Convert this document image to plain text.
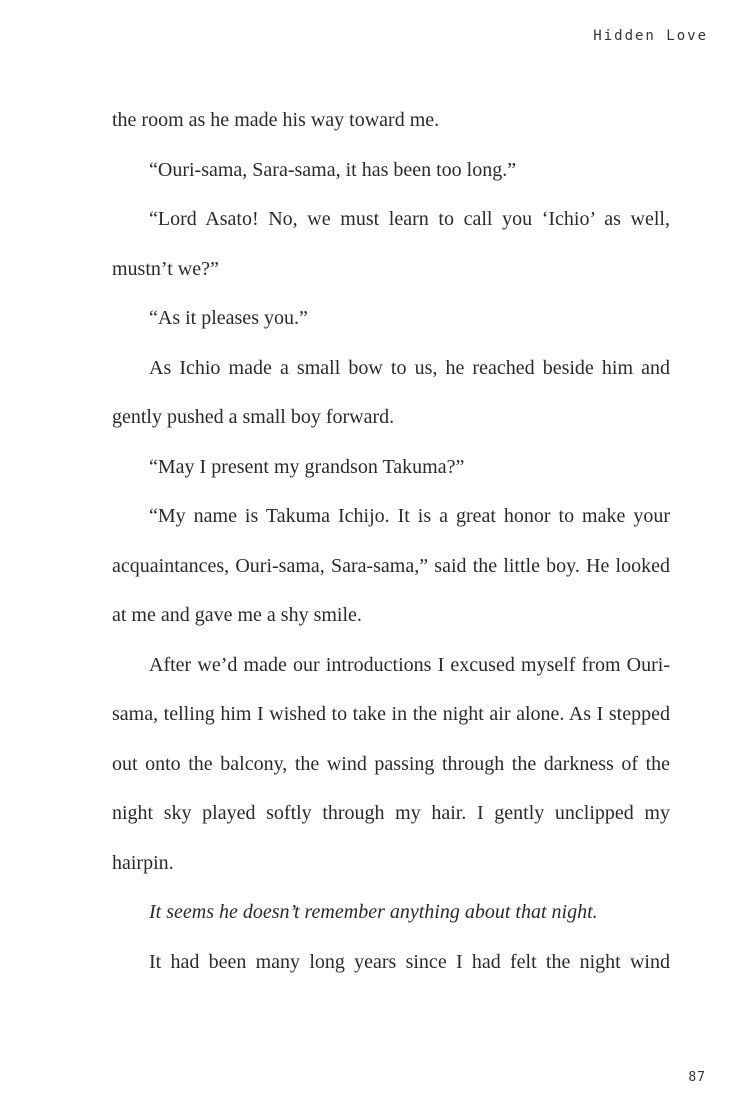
Hidden Love

the room as he made his way toward me.

“Ouri-sama, Sara-sama, it has been too long.”

“Lord Asato! No, we must learn to call you ‘Ichio’ as well, mustn’t we?”

“As it pleases you.”

As Ichio made a small bow to us, he reached beside him and gently pushed a small boy forward.

“May I present my grandson Takuma?”

“My name is Takuma Ichijo. It is a great honor to make your acquaintances, Ouri-sama, Sara-sama,” said the little boy. He looked at me and gave me a shy smile.

After we’d made our introductions I excused myself from Ouri-sama, telling him I wished to take in the night air alone. As I stepped out onto the balcony, the wind passing through the darkness of the night sky played softly through my hair. I gently unclipped my hairpin.

It seems he doesn’t remember anything about that night.

It had been many long years since I had felt the night wind

87
